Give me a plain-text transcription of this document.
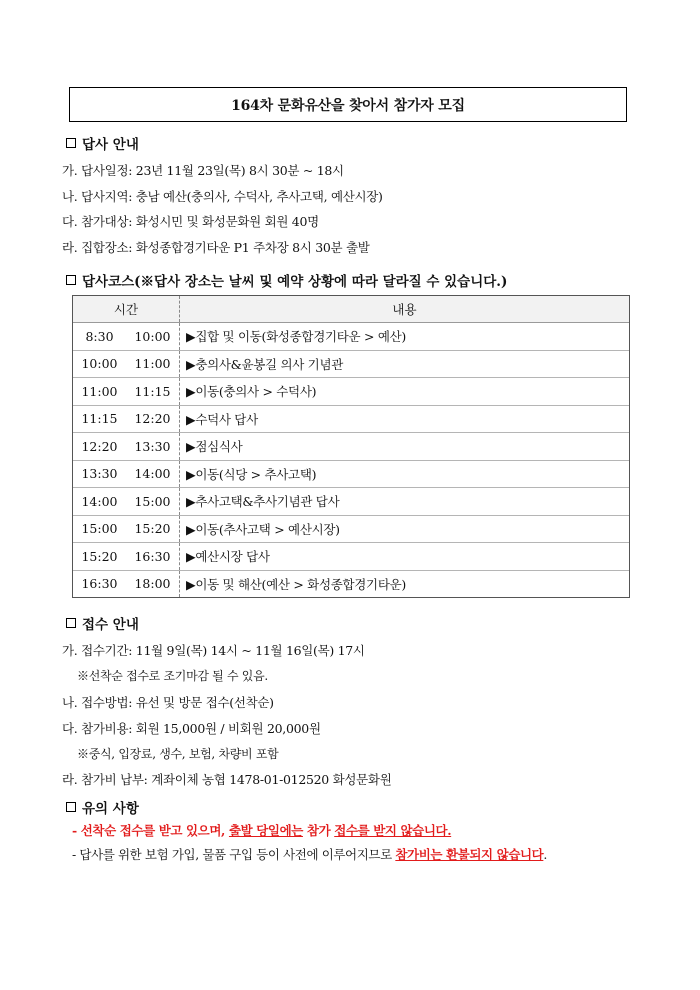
164차 문화유산을 찾아서 참가자 모집
답사 안내
가. 답사일정: 23년 11월 23일(목) 8시 30분 ~ 18시
나. 답사지역: 충남 예산(충의사, 수덕사, 추사고택, 예산시장)
다. 참가대상: 화성시민 및 화성문화원 회원 40명
라. 집합장소: 화성종합경기타운 P1 주차장 8시 30분 출발
답사코스(※답사 장소는 날씨 및 예약 상황에 따라 달라질 수 있습니다.)
시간		내용
8:30	10:00	▶집합 및 이동(화성종합경기타운 > 예산)
10:00	11:00	▶충의사&윤봉길 의사 기념관
11:00	11:15	▶이동(충의사 > 수덕사)
11:15	12:20	▶수덕사 답사
12:20	13:30	▶점심식사
13:30	14:00	▶이동(식당 > 추사고택)
14:00	15:00	▶추사고택&추사기념관 답사
15:00	15:20	▶이동(추사고택 > 예산시장)
15:20	16:30	▶예산시장 답사
16:30	18:00	▶이동 및 해산(예산 > 화성종합경기타운)
접수 안내
가. 접수기간: 11월 9일(목) 14시 ~ 11월 16일(목) 17시
※선착순 접수로 조기마감 될 수 있음.
나. 접수방법: 유선 및 방문 접수(선착순)
다. 참가비용: 회원 15,000원 / 비회원 20,000원
※중식, 입장료, 생수, 보험, 차량비 포함
라. 참가비 납부: 계좌이체 농협 1478-01-012520 화성문화원
유의 사항
- 선착순 접수를 받고 있으며, 출발 당일에는 참가 접수를 받지 않습니다.
- 답사를 위한 보험 가입, 물품 구입 등이 사전에 이루어지므로 참가비는 환불되지 않습니다.
